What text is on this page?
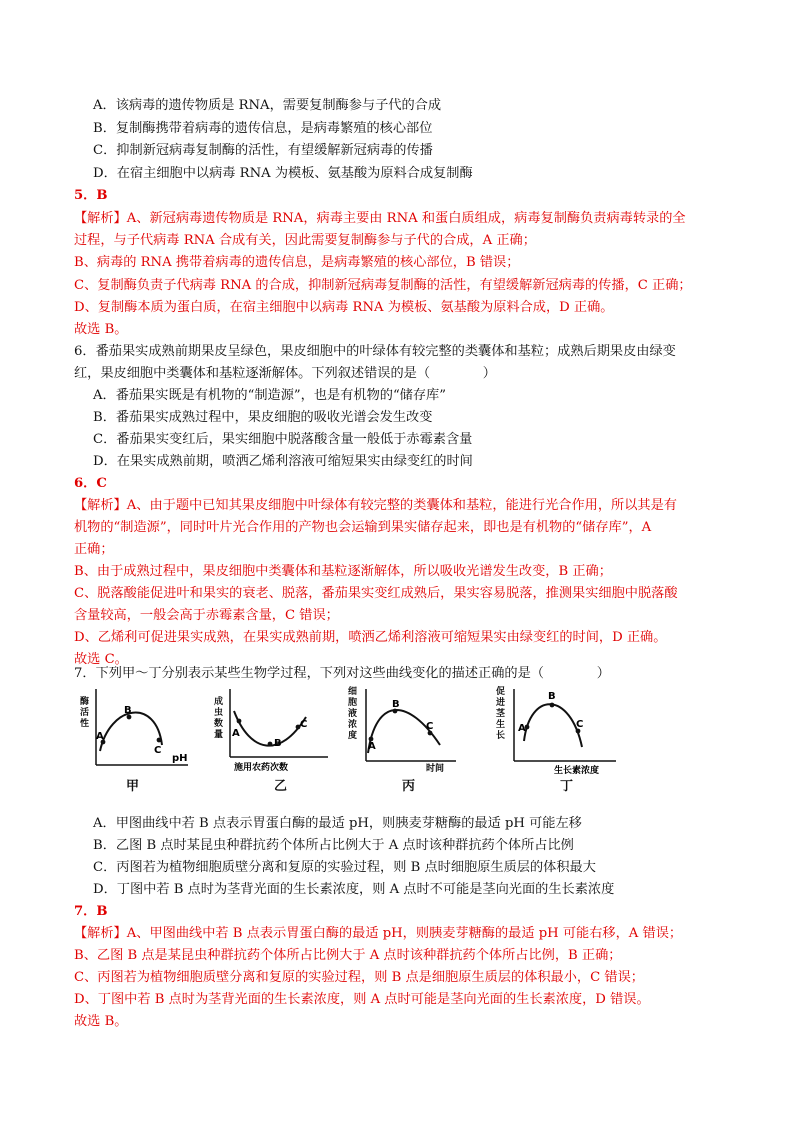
A．该病毒的遗传物质是 RNA，需要复制酶参与子代的合成
B．复制酶携带着病毒的遗传信息，是病毒繁殖的核心部位
C．抑制新冠病毒复制酶的活性，有望缓解新冠病毒的传播
D．在宿主细胞中以病毒 RNA 为模板、氨基酸为原料合成复制酶
5．B
【解析】A、新冠病毒遗传物质是 RNA，病毒主要由 RNA 和蛋白质组成，病毒复制酶负责病毒转录的全
过程，与子代病毒 RNA 合成有关，因此需要复制酶参与子代的合成，A 正确；
B、病毒的 RNA 携带着病毒的遗传信息，是病毒繁殖的核心部位，B 错误；
C、复制酶负责子代病毒 RNA 的合成，抑制新冠病毒复制酶的活性，有望缓解新冠病毒的传播，C 正确；
D、复制酶本质为蛋白质，在宿主细胞中以病毒 RNA 为模板、氨基酸为原料合成，D 正确。
故选 B。
6．番茄果实成熟前期果皮呈绿色，果皮细胞中的叶绿体有较完整的类囊体和基粒；成熟后期果皮由绿变
红，果皮细胞中类囊体和基粒逐渐解体。下列叙述错误的是（　　　　）
A．番茄果实既是有机物的“制造源”，也是有机物的“储存库”
B．番茄果实成熟过程中，果皮细胞的吸收光谱会发生改变
C．番茄果实变红后，果实细胞中脱落酸含量一般低于赤霉素含量
D．在果实成熟前期，喷洒乙烯利溶液可缩短果实由绿变红的时间
6．C
【解析】A、由于题中已知其果皮细胞中叶绿体有较完整的类囊体和基粒，能进行光合作用，所以其是有
机物的“制造源”，同时叶片光合作用的产物也会运输到果实储存起来，即也是有机物的“储存库”，A
正确；
B、由于成熟过程中，果皮细胞中类囊体和基粒逐渐解体，所以吸收光谱发生改变，B 正确；
C、脱落酸能促进叶和果实的衰老、脱落，番茄果实变红成熟后，果实容易脱落，推测果实细胞中脱落酸
含量较高，一般会高于赤霉素含量，C 错误；
D、乙烯利可促进果实成熟，在果实成熟前期，喷洒乙烯利溶液可缩短果实由绿变红的时间，D 正确。
故选 C。
7．下列甲～丁分别表示某些生物学过程，下列对这些曲线变化的描述正确的是（　　　　）
A
B
C
pH
酶活性
甲
A
B
C
施用农药次数
成虫数量
乙
A
B
C
时间
细胞液浓度
丙
A
B
C
生长素浓度
促进茎生长
丁
A．甲图曲线中若 B 点表示胃蛋白酶的最适 pH，则胰麦芽糖酶的最适 pH 可能左移
B．乙图 B 点时某昆虫种群抗药个体所占比例大于 A 点时该种群抗药个体所占比例
C．丙图若为植物细胞质壁分离和复原的实验过程，则 B 点时细胞原生质层的体积最大
D．丁图中若 B 点时为茎背光面的生长素浓度，则 A 点时不可能是茎向光面的生长素浓度
7．B
【解析】A、甲图曲线中若 B 点表示胃蛋白酶的最适 pH，则胰麦芽糖酶的最适 pH 可能右移，A 错误；
B、乙图 B 点是某昆虫种群抗药个体所占比例大于 A 点时该种群抗药个体所占比例，B 正确；
C、丙图若为植物细胞质壁分离和复原的实验过程，则 B 点是细胞原生质层的体积最小，C 错误；
D、丁图中若 B 点时为茎背光面的生长素浓度，则 A 点时可能是茎向光面的生长素浓度，D 错误。
故选 B。
